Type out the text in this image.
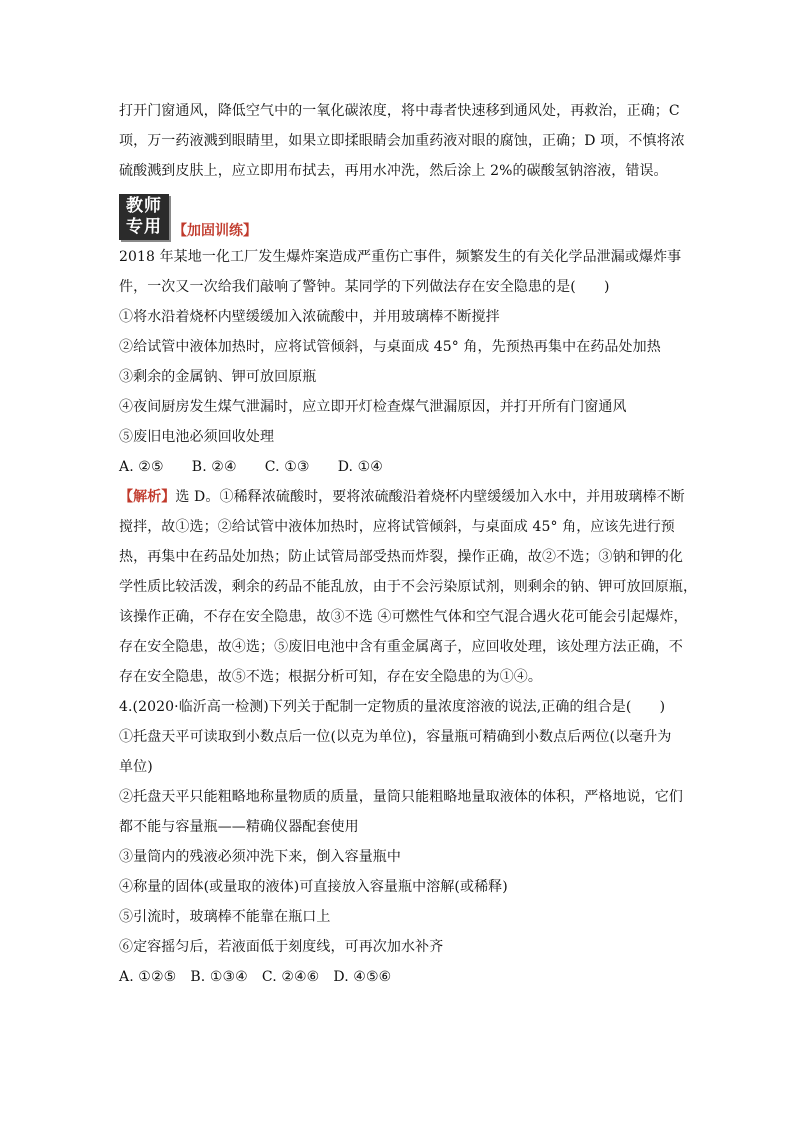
打开门窗通风，降低空气中的一氧化碳浓度，将中毒者快速移到通风处，再救治，正确；C
项，万一药液溅到眼睛里，如果立即揉眼睛会加重药液对眼的腐蚀，正确；D 项，不慎将浓
硫酸溅到皮肤上，应立即用布拭去，再用水冲洗，然后涂上 2%的碳酸氢钠溶液，错误。
教师
专用 【加固训练】
2018 年某地一化工厂发生爆炸案造成严重伤亡事件，频繁发生的有关化学品泄漏或爆炸事
件，一次又一次给我们敲响了警钟。某同学的下列做法存在安全隐患的是(　　)
①将水沿着烧杯内壁缓缓加入浓硫酸中，并用玻璃棒不断搅拌
②给试管中液体加热时，应将试管倾斜，与桌面成 45° 角，先预热再集中在药品处加热
③剩余的金属钠、钾可放回原瓶
④夜间厨房发生煤气泄漏时，应立即开灯检查煤气泄漏原因，并打开所有门窗通风
⑤废旧电池必须回收处理
A. ②⑤　　B. ②④　　C. ①③　　D. ①④
【解析】选 D。①稀释浓硫酸时，要将浓硫酸沿着烧杯内壁缓缓加入水中，并用玻璃棒不断
搅拌，故①选；②给试管中液体加热时，应将试管倾斜，与桌面成 45° 角，应该先进行预
热，再集中在药品处加热；防止试管局部受热而炸裂，操作正确，故②不选；③钠和钾的化
学性质比较活泼，剩余的药品不能乱放，由于不会污染原试剂，则剩余的钠、钾可放回原瓶，
该操作正确，不存在安全隐患，故③不选 ④可燃性气体和空气混合遇火花可能会引起爆炸，
存在安全隐患，故④选；⑤废旧电池中含有重金属离子，应回收处理，该处理方法正确，不
存在安全隐患，故⑤不选；根据分析可知，存在安全隐患的为①④。
4.(2020·临沂高一检测)下列关于配制一定物质的量浓度溶液的说法,正确的组合是(　　)
①托盘天平可读取到小数点后一位(以克为单位)，容量瓶可精确到小数点后两位(以毫升为
单位)
②托盘天平只能粗略地称量物质的质量，量筒只能粗略地量取液体的体积，严格地说，它们
都不能与容量瓶——精确仪器配套使用
③量筒内的残液必须冲洗下来，倒入容量瓶中
④称量的固体(或量取的液体)可直接放入容量瓶中溶解(或稀释)
⑤引流时，玻璃棒不能靠在瓶口上
⑥定容摇匀后，若液面低于刻度线，可再次加水补齐
A. ①②⑤　B. ①③④　C. ②④⑥　D. ④⑤⑥
